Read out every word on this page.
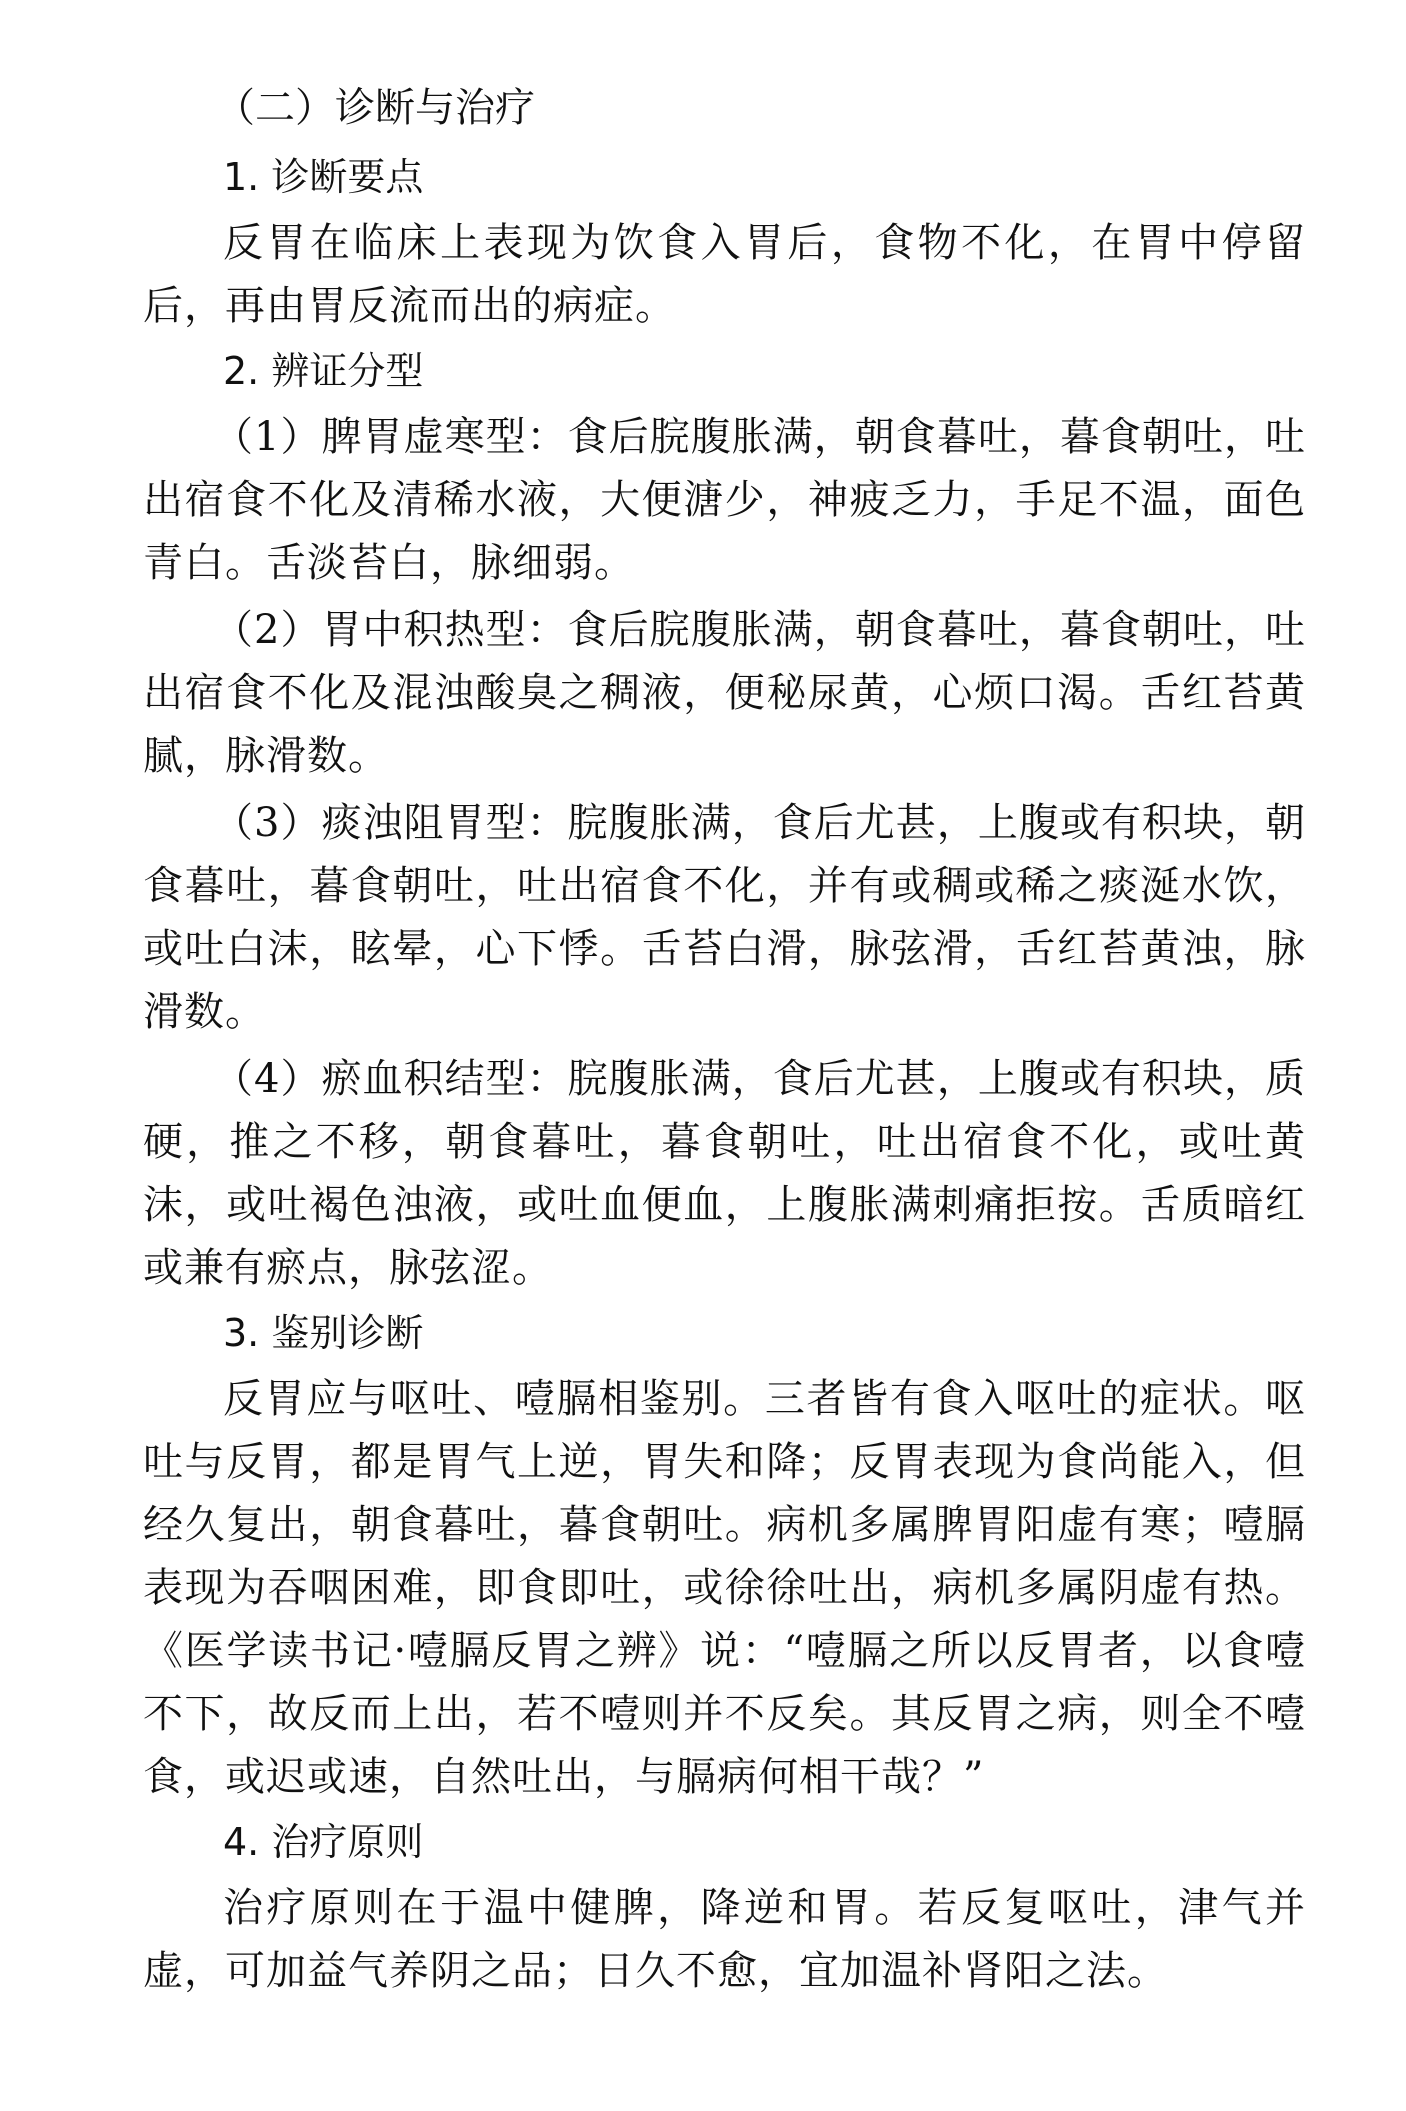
（二）诊断与治疗
1. 诊断要点

反胃在临床上表现为饮食入胃后，食物不化，在胃中停留后，再由胃反流而出的病症。

2. 辨证分型

（1）脾胃虚寒型：食后脘腹胀满，朝食暮吐，暮食朝吐，吐出宿食不化及清稀水液，大便溏少，神疲乏力，手足不温，面色青白。舌淡苔白，脉细弱。

（2）胃中积热型：食后脘腹胀满，朝食暮吐，暮食朝吐，吐出宿食不化及混浊酸臭之稠液，便秘尿黄，心烦口渴。舌红苔黄腻，脉滑数。

（3）痰浊阻胃型：脘腹胀满，食后尤甚，上腹或有积块，朝食暮吐，暮食朝吐，吐出宿食不化，并有或稠或稀之痰涎水饮，或吐白沫，眩晕，心下悸。舌苔白滑，脉弦滑，舌红苔黄浊，脉滑数。

（4）瘀血积结型：脘腹胀满，食后尤甚，上腹或有积块，质硬，推之不移，朝食暮吐，暮食朝吐，吐出宿食不化，或吐黄沫，或吐褐色浊液，或吐血便血，上腹胀满刺痛拒按。舌质暗红或兼有瘀点，脉弦涩。

3. 鉴别诊断

反胃应与呕吐、噎膈相鉴别。三者皆有食入呕吐的症状。呕吐与反胃，都是胃气上逆，胃失和降；反胃表现为食尚能入，但经久复出，朝食暮吐，暮食朝吐。病机多属脾胃阳虚有寒；噎膈表现为吞咽困难，即食即吐，或徐徐吐出，病机多属阴虚有热。《医学读书记·噎膈反胃之辨》说：“噎膈之所以反胃者，以食噎不下，故反而上出，若不噎则并不反矣。其反胃之病，则全不噎食，或迟或速，自然吐出，与膈病何相干哉？”

4. 治疗原则

治疗原则在于温中健脾，降逆和胃。若反复呕吐，津气并虚，可加益气养阴之品；日久不愈，宜加温补肾阳之法。
